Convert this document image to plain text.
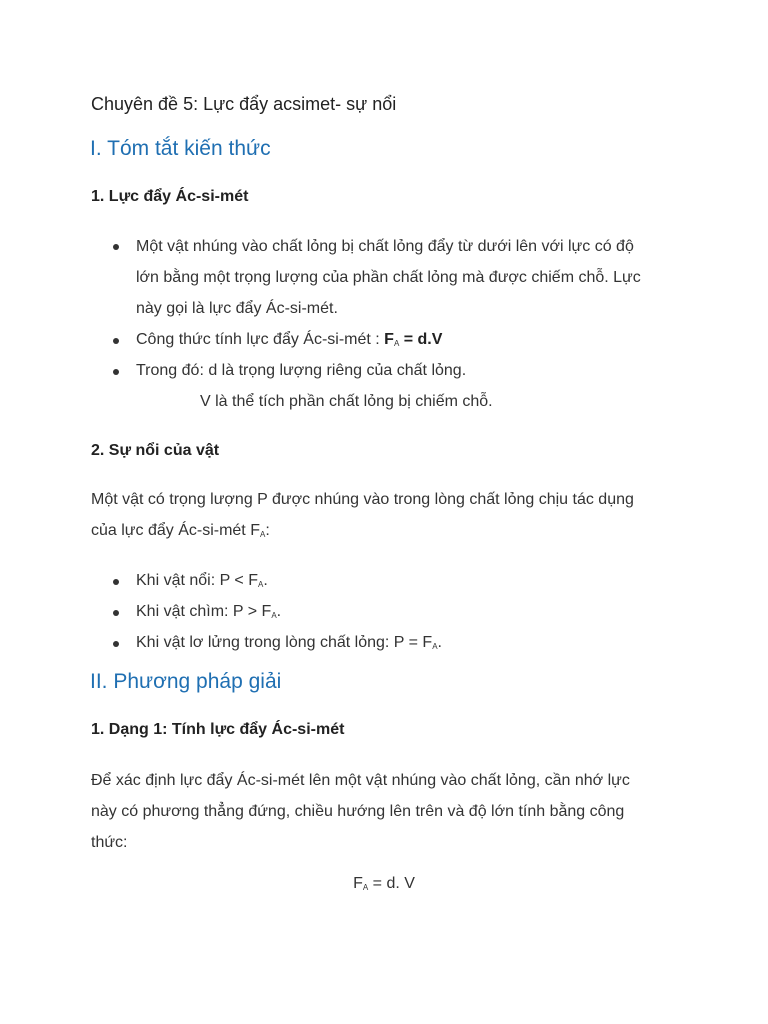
Chuyên đề 5: Lực đẩy acsimet- sự nổi
I. Tóm tắt kiến thức
1. Lực đẩy Ác-si-mét
Một vật nhúng vào chất lỏng bị chất lỏng đẩy từ dưới lên với lực có độ
lớn bằng một trọng lượng của phần chất lỏng mà được chiếm chỗ. Lực
này gọi là lực đẩy Ác-si-mét.
Công thức tính lực đẩy Ác-si-mét : $F_A = d.V$
Trong đó: d là trọng lượng riêng của chất lỏng.
V là thể tích phần chất lỏng bị chiếm chỗ.
2. Sự nổi của vật
Một vật có trọng lượng P được nhúng vào trong lòng chất lỏng chịu tác dụng
của lực đẩy Ác-si-mét $F_A$:
Khi vật nổi: $P < F_A$.
Khi vật chìm: $P > F_A$.
Khi vật lơ lửng trong lòng chất lỏng: $P = F_A$.
II. Phương pháp giải
1. Dạng 1: Tính lực đẩy Ác-si-mét
Để xác định lực đẩy Ác-si-mét lên một vật nhúng vào chất lỏng, cần nhớ lực
này có phương thẳng đứng, chiều hướng lên trên và độ lớn tính bằng công
thức:
$F_A = d$. V
